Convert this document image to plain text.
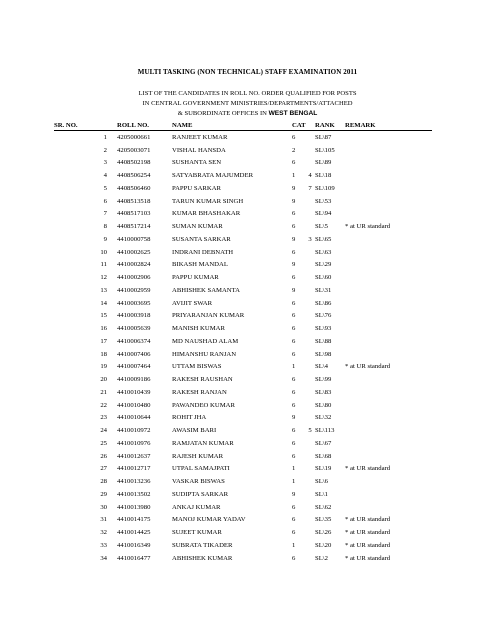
MULTI TASKING (NON TECHNICAL) STAFF EXAMINATION 2011
LIST OF THE CANDIDATES IN ROLL NO. ORDER QUALIFIED FOR POSTS
IN CENTRAL GOVERNMENT MINISTRIES/DEPARTMENTS/ATTACHED
& SUBORDINATE OFFICES IN WEST BENGAL
SR. NO.	ROLL NO.	NAME	CAT		RANK	REMARK
1	4205000661	RANJEET KUMAR	6		SL\87	
2	4205003071	VISHAL HANSDA	2		SL\105	
3	4408502198	SUSHANTA SEN	6		SL\89	
4	4408506254	SATYABRATA MAJUMDER	1	4	SL\18	
5	4408506460	PAPPU SARKAR	9	7	SL\109	
6	4408513518	TARUN KUMAR SINGH	9		SL\53	
7	4408517103	KUMAR BHASHAKAR	6		SL\94	
8	4408517214	SUMAN KUMAR	6		SL\5	* at UR standard
9	4410000758	SUSANTA SARKAR	9	3	SL\65	
10	4410002625	INDRANI DEBNATH	6		SL\63	
11	4410002824	BIKASH MANDAL	9		SL\29	
12	4410002906	PAPPU KUMAR	6		SL\60	
13	4410002959	ABHISHEK SAMANTA	9		SL\31	
14	4410003695	AVIJIT SWAR	6		SL\86	
15	4410003918	PRIYARANJAN KUMAR	6		SL\76	
16	4410005639	MANISH KUMAR	6		SL\93	
17	4410006374	MD NAUSHAD ALAM	6		SL\88	
18	4410007406	HIMANSHU RANJAN	6		SL\98	
19	4410007464	UTTAM BISWAS	1		SL\4	* at UR standard
20	4410009186	RAKESH RAUSHAN	6		SL\99	
21	4410010439	RAKESH RANJAN	6		SL\83	
22	4410010480	PAWANDEO KUMAR	6		SL\80	
23	4410010644	ROHIT JHA	9		SL\32	
24	4410010972	AWASIM BARI	6	5	SL\113	
25	4410010976	RAMJATAN KUMAR	6		SL\67	
26	4410012637	RAJESH KUMAR	6		SL\68	
27	4410012717	UTPAL SAMAJPATI	1		SL\19	* at UR standard
28	4410013236	VASKAR BISWAS	1		SL\6	
29	4410013502	SUDIPTA SARKAR	9		SL\1	
30	4410013980	ANKAJ KUMAR	6		SL\62	
31	4410014175	MANOJ KUMAR YADAV	6		SL\35	* at UR standard
32	4410014425	SUJEET KUMAR	6		SL\26	* at UR standard
33	4410016349	SUBRATA TIKADER	1		SL\20	* at UR standard
34	4410016477	ABHISHEK KUMAR	6		SL\2	* at UR standard
